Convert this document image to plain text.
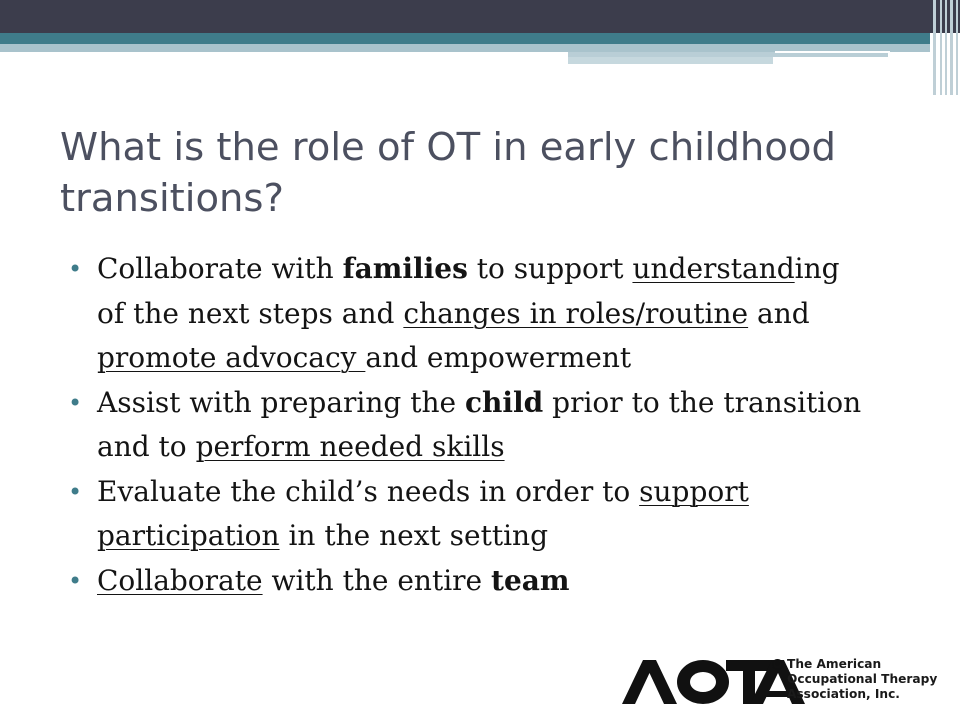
What is the role of OT in early childhood transitions?
• Collaborate with families to support understanding of the next steps and changes in roles/routine and promote advocacy and empowerment
• Assist with preparing the child prior to the transition and to perform needed skills
• Evaluate the child’s needs in order to support participation in the next setting
• Collaborate with the entire team
® The American
Occupational Therapy
Association, Inc.
